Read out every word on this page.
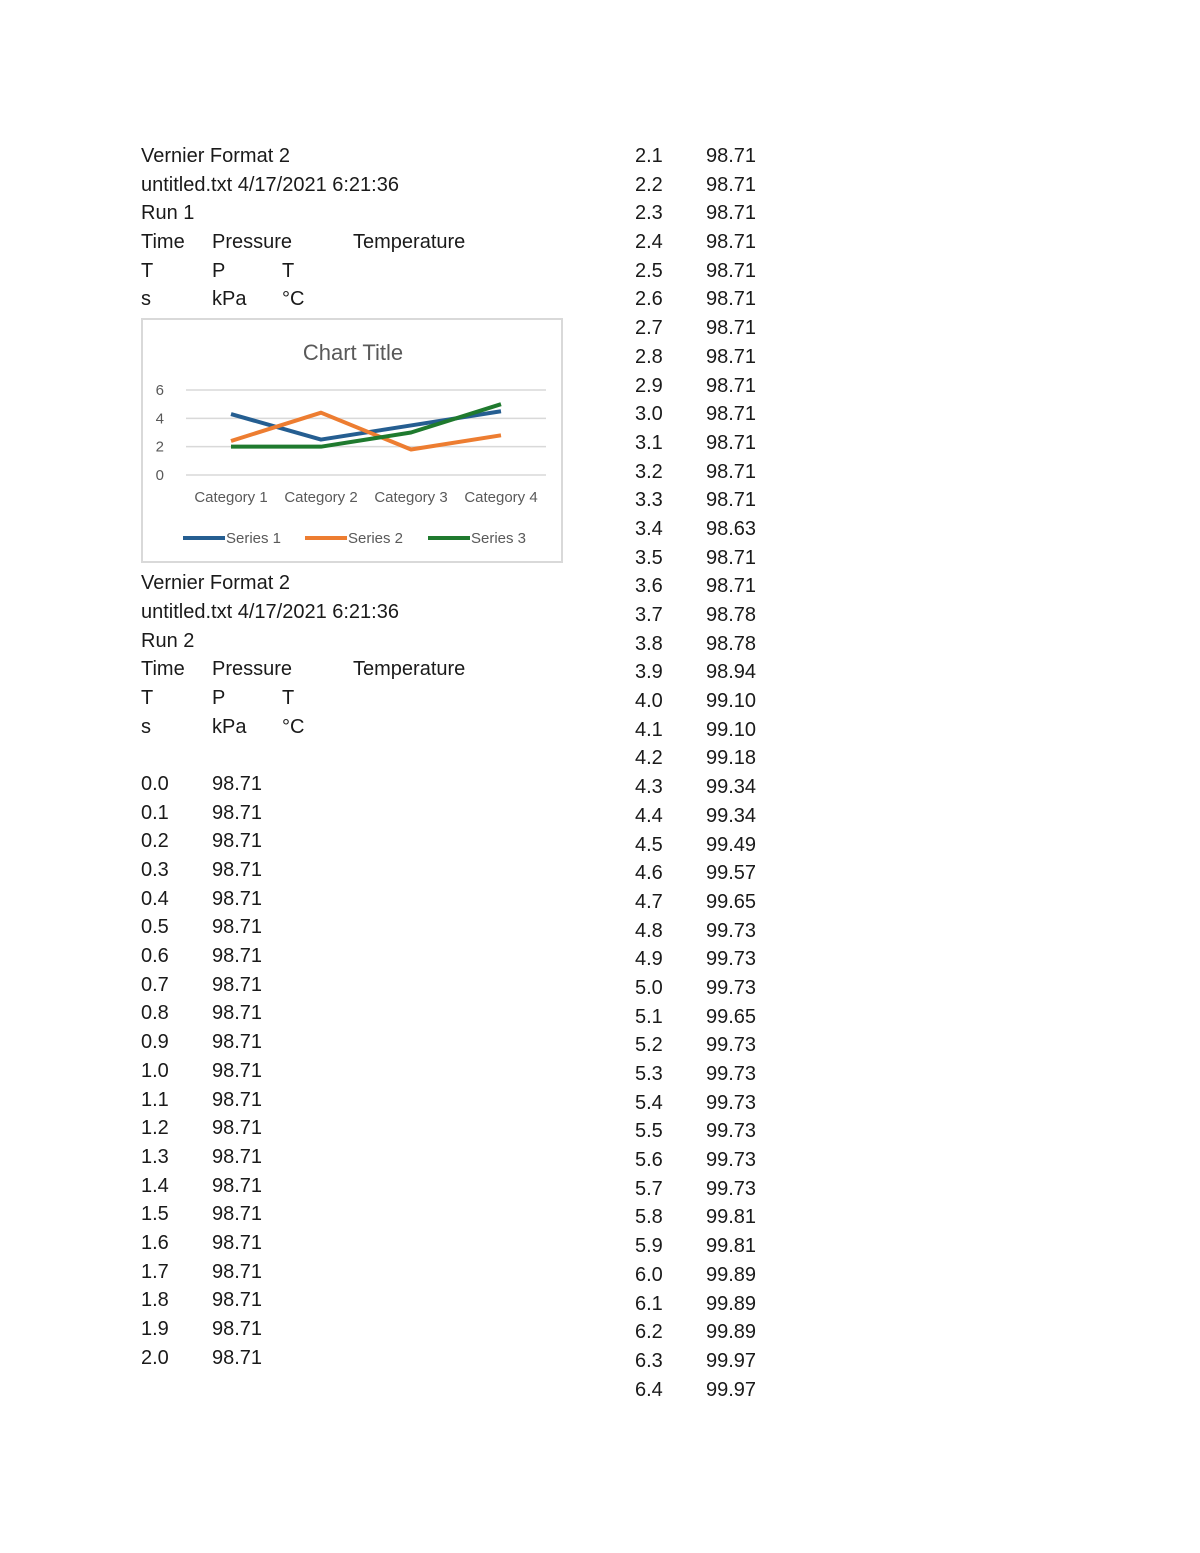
Vernier Format 2
untitled.txt 4/17/2021 6:21:36
Run 1
Time Pressure	Temperature
T	P	T
s	kPa °C
Chart Title
0
2
4
6
Category 1 Category 2 Category 3 Category 4
Series 1	Series 2	Series 3
Vernier Format 2
untitled.txt 4/17/2021 6:21:36
Run 2
Time Pressure	Temperature
T	P	T
s	kPa °C
0.0 98.71
0.1 98.71
0.2 98.71
0.3 98.71
0.4 98.71
0.5 98.71
0.6 98.71
0.7 98.71
0.8 98.71
0.9 98.71
1.0 98.71
1.1 98.71
1.2 98.71
1.3 98.71
1.4 98.71
1.5 98.71
1.6 98.71
1.7 98.71
1.8 98.71
1.9 98.71
2.0 98.71
2.1 98.71
2.2 98.71
2.3 98.71
2.4 98.71
2.5 98.71
2.6 98.71
2.7 98.71
2.8 98.71
2.9 98.71
3.0 98.71
3.1 98.71
3.2 98.71
3.3 98.71
3.4 98.63
3.5 98.71
3.6 98.71
3.7 98.78
3.8 98.78
3.9 98.94
4.0 99.10
4.1 99.10
4.2 99.18
4.3 99.34
4.4 99.34
4.5 99.49
4.6 99.57
4.7 99.65
4.8 99.73
4.9 99.73
5.0 99.73
5.1 99.65
5.2 99.73
5.3 99.73
5.4 99.73
5.5 99.73
5.6 99.73
5.7 99.73
5.8 99.81
5.9 99.81
6.0 99.89
6.1 99.89
6.2 99.89
6.3 99.97
6.4 99.97
